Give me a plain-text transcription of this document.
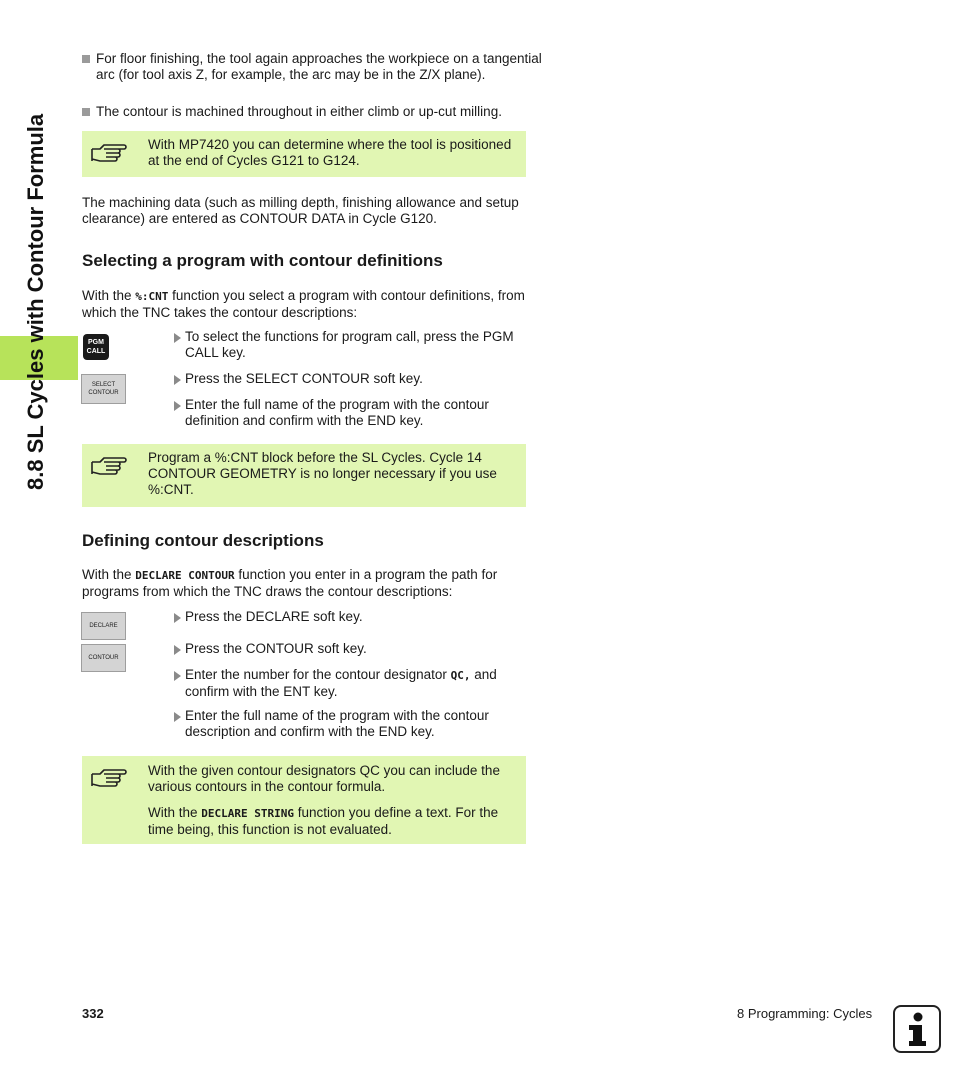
8.8 SL Cycles with Contour Formula
For floor finishing, the tool again approaches the workpiece on a tangential arc (for tool axis Z, for example, the arc may be in the Z/X plane).
The contour is machined throughout in either climb or up-cut milling.

With MP7420 you can determine where the tool is positioned at the end of Cycles G121 to G124.

The machining data (such as milling depth, finishing allowance and setup clearance) are entered as CONTOUR DATA in Cycle G120.
Selecting a program with contour definitions
With the %:CNT function you select a program with contour definitions, from which the TNC takes the contour descriptions:
PGM
CALL
SELECT
CONTOUR
To select the functions for program call, press the PGM CALL key.
Press the SELECT CONTOUR soft key.
Enter the full name of the program with the contour definition and confirm with the END key.

Program a %:CNT block before the SL Cycles. Cycle 14 CONTOUR GEOMETRY is no longer necessary if you use %:CNT.

Defining contour descriptions
With the DECLARE CONTOUR function you enter in a program the path for programs from which the TNC draws the contour descriptions:
DECLARE
CONTOUR
Press the DECLARE soft key.
Press the CONTOUR soft key.
Enter the number for the contour designator QC, and confirm with the ENT key.
Enter the full name of the program with the contour description and confirm with the END key.

With the given contour designators QC you can include the various contours in the contour formula.

With the DECLARE STRING function you define a text. For the time being, this function is not evaluated.

332	8 Programming: Cycles
